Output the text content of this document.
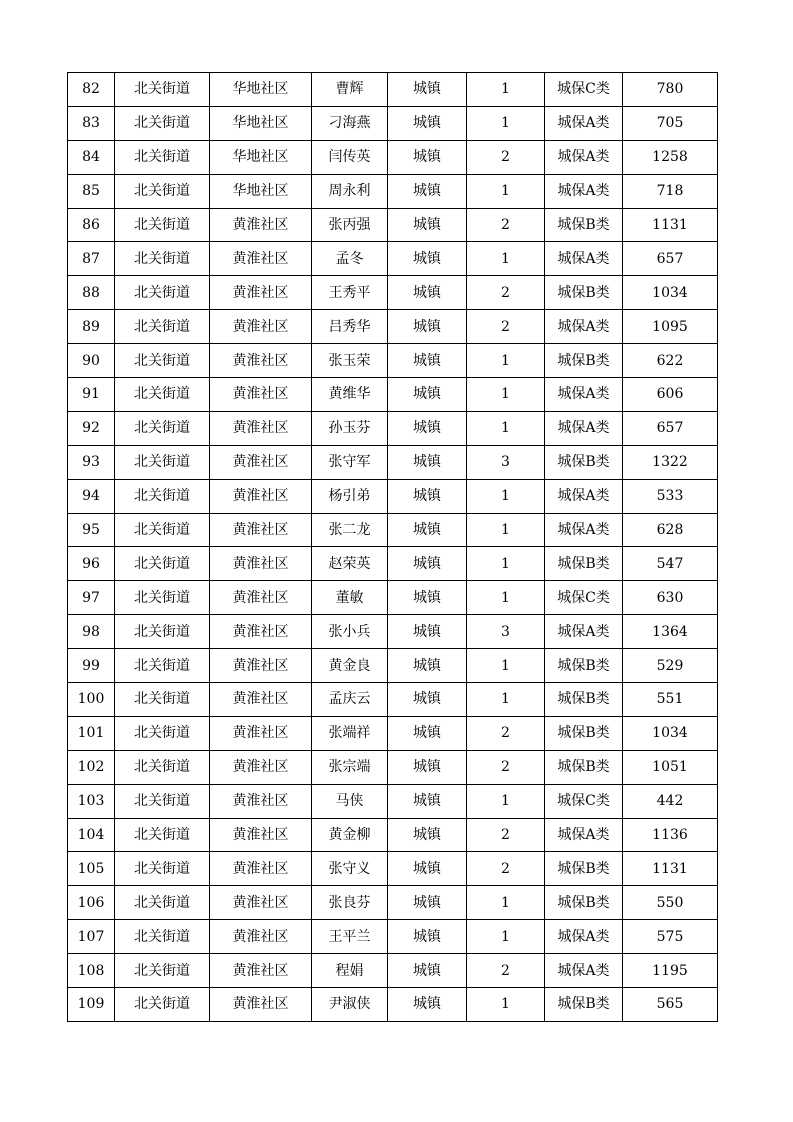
82	北关街道	华地社区	曹辉	城镇	1	城保C类	780
83	北关街道	华地社区	刁海燕	城镇	1	城保A类	705
84	北关街道	华地社区	闫传英	城镇	2	城保A类	1258
85	北关街道	华地社区	周永利	城镇	1	城保A类	718
86	北关街道	黄淮社区	张丙强	城镇	2	城保B类	1131
87	北关街道	黄淮社区	孟冬	城镇	1	城保A类	657
88	北关街道	黄淮社区	王秀平	城镇	2	城保B类	1034
89	北关街道	黄淮社区	吕秀华	城镇	2	城保A类	1095
90	北关街道	黄淮社区	张玉荣	城镇	1	城保B类	622
91	北关街道	黄淮社区	黄维华	城镇	1	城保A类	606
92	北关街道	黄淮社区	孙玉芬	城镇	1	城保A类	657
93	北关街道	黄淮社区	张守军	城镇	3	城保B类	1322
94	北关街道	黄淮社区	杨引弟	城镇	1	城保A类	533
95	北关街道	黄淮社区	张二龙	城镇	1	城保A类	628
96	北关街道	黄淮社区	赵荣英	城镇	1	城保B类	547
97	北关街道	黄淮社区	董敏	城镇	1	城保C类	630
98	北关街道	黄淮社区	张小兵	城镇	3	城保A类	1364
99	北关街道	黄淮社区	黄金良	城镇	1	城保B类	529
100	北关街道	黄淮社区	孟庆云	城镇	1	城保B类	551
101	北关街道	黄淮社区	张端祥	城镇	2	城保B类	1034
102	北关街道	黄淮社区	张宗端	城镇	2	城保B类	1051
103	北关街道	黄淮社区	马侠	城镇	1	城保C类	442
104	北关街道	黄淮社区	黄金柳	城镇	2	城保A类	1136
105	北关街道	黄淮社区	张守义	城镇	2	城保B类	1131
106	北关街道	黄淮社区	张良芬	城镇	1	城保B类	550
107	北关街道	黄淮社区	王平兰	城镇	1	城保A类	575
108	北关街道	黄淮社区	程娟	城镇	2	城保A类	1195
109	北关街道	黄淮社区	尹淑侠	城镇	1	城保B类	565
